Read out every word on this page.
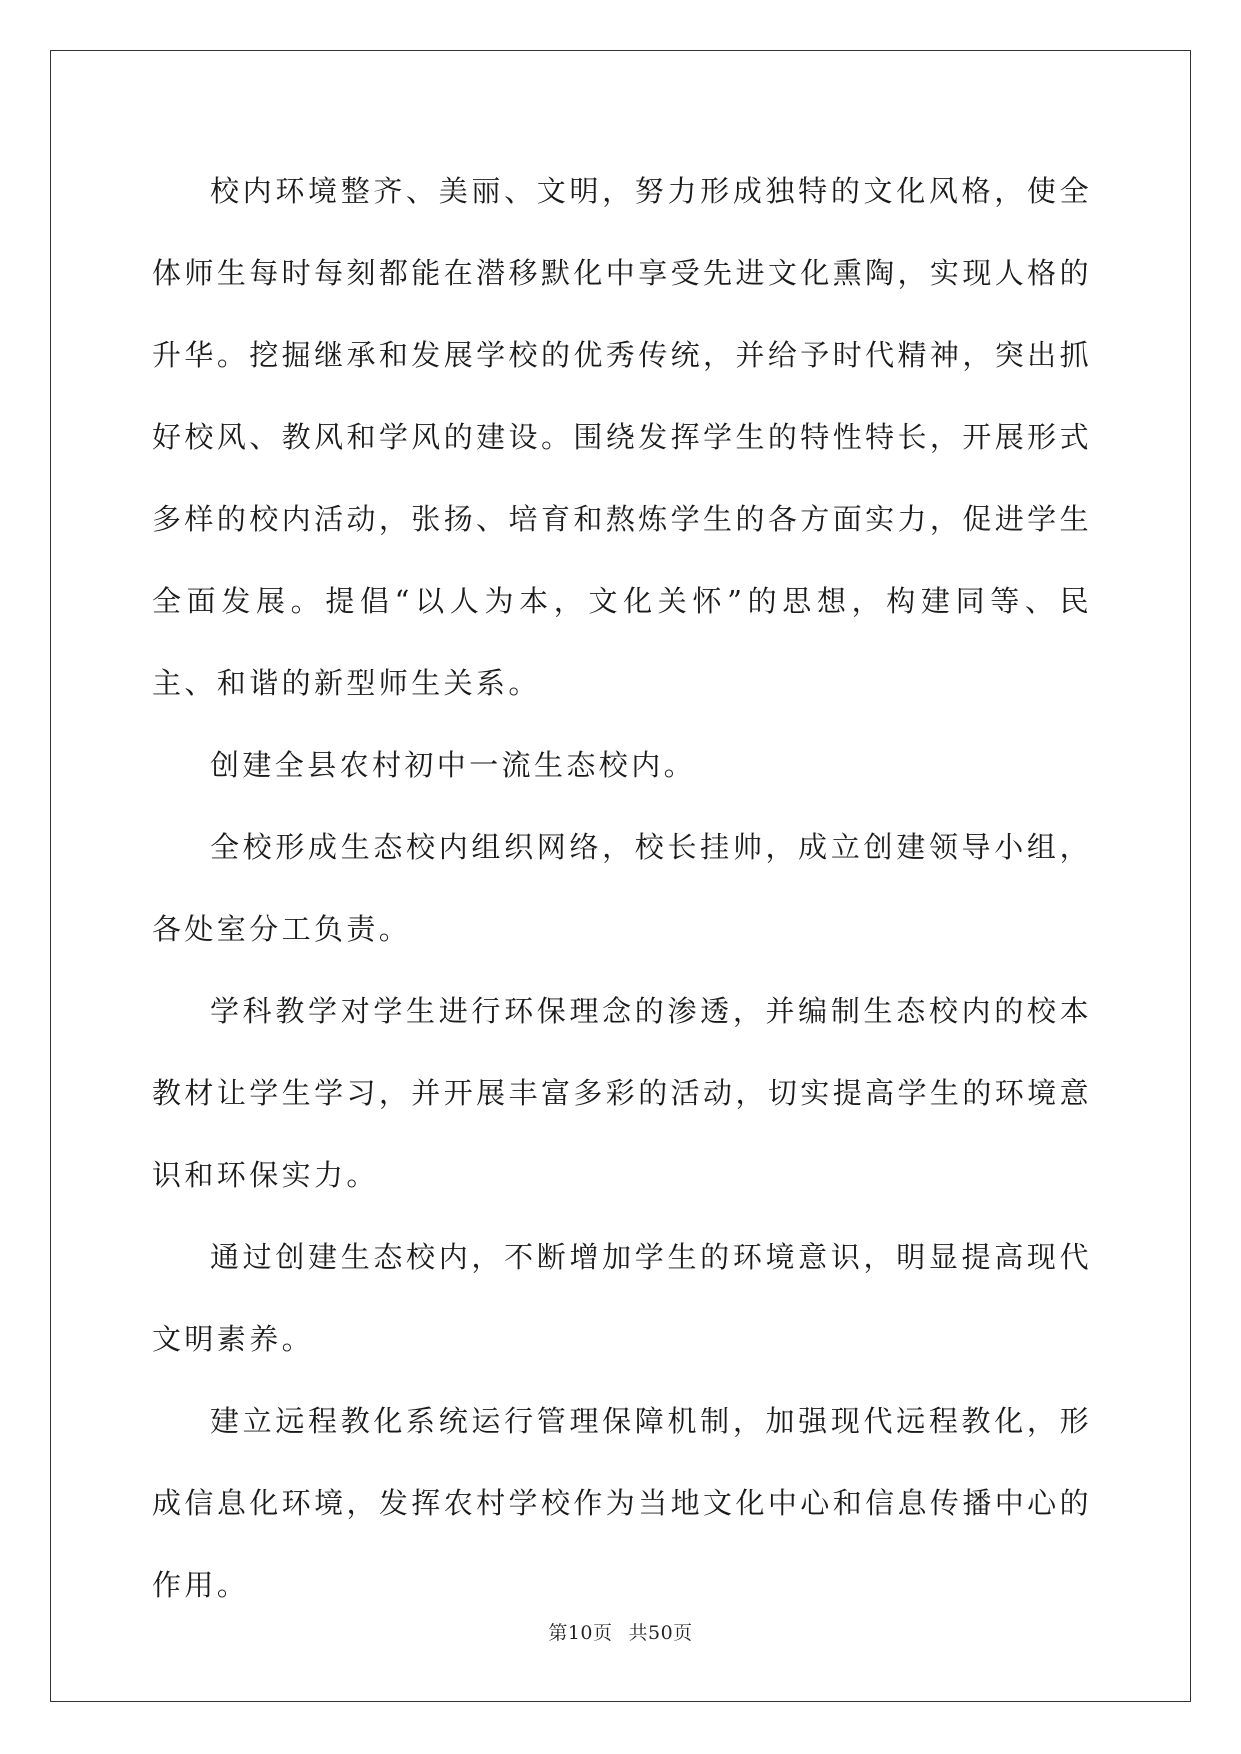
校内环境整齐、美丽、文明，努力形成独特的文化风格，使全体师生每时每刻都能在潜移默化中享受先进文化熏陶，实现人格的升华。挖掘继承和发展学校的优秀传统，并给予时代精神，突出抓好校风、教风和学风的建设。围绕发挥学生的特性特长，开展形式多样的校内活动，张扬、培育和熬炼学生的各方面实力，促进学生全面发展。提倡“以人为本，文化关怀”的思想，构建同等、民主、和谐的新型师生关系。

创建全县农村初中一流生态校内。

全校形成生态校内组织网络，校长挂帅，成立创建领导小组，各处室分工负责。

学科教学对学生进行环保理念的渗透，并编制生态校内的校本教材让学生学习，并开展丰富多彩的活动，切实提高学生的环境意识和环保实力。

通过创建生态校内，不断增加学生的环境意识，明显提高现代文明素养。

建立远程教化系统运行管理保障机制，加强现代远程教化，形成信息化环境，发挥农村学校作为当地文化中心和信息传播中心的作用。

第10页 共50页
